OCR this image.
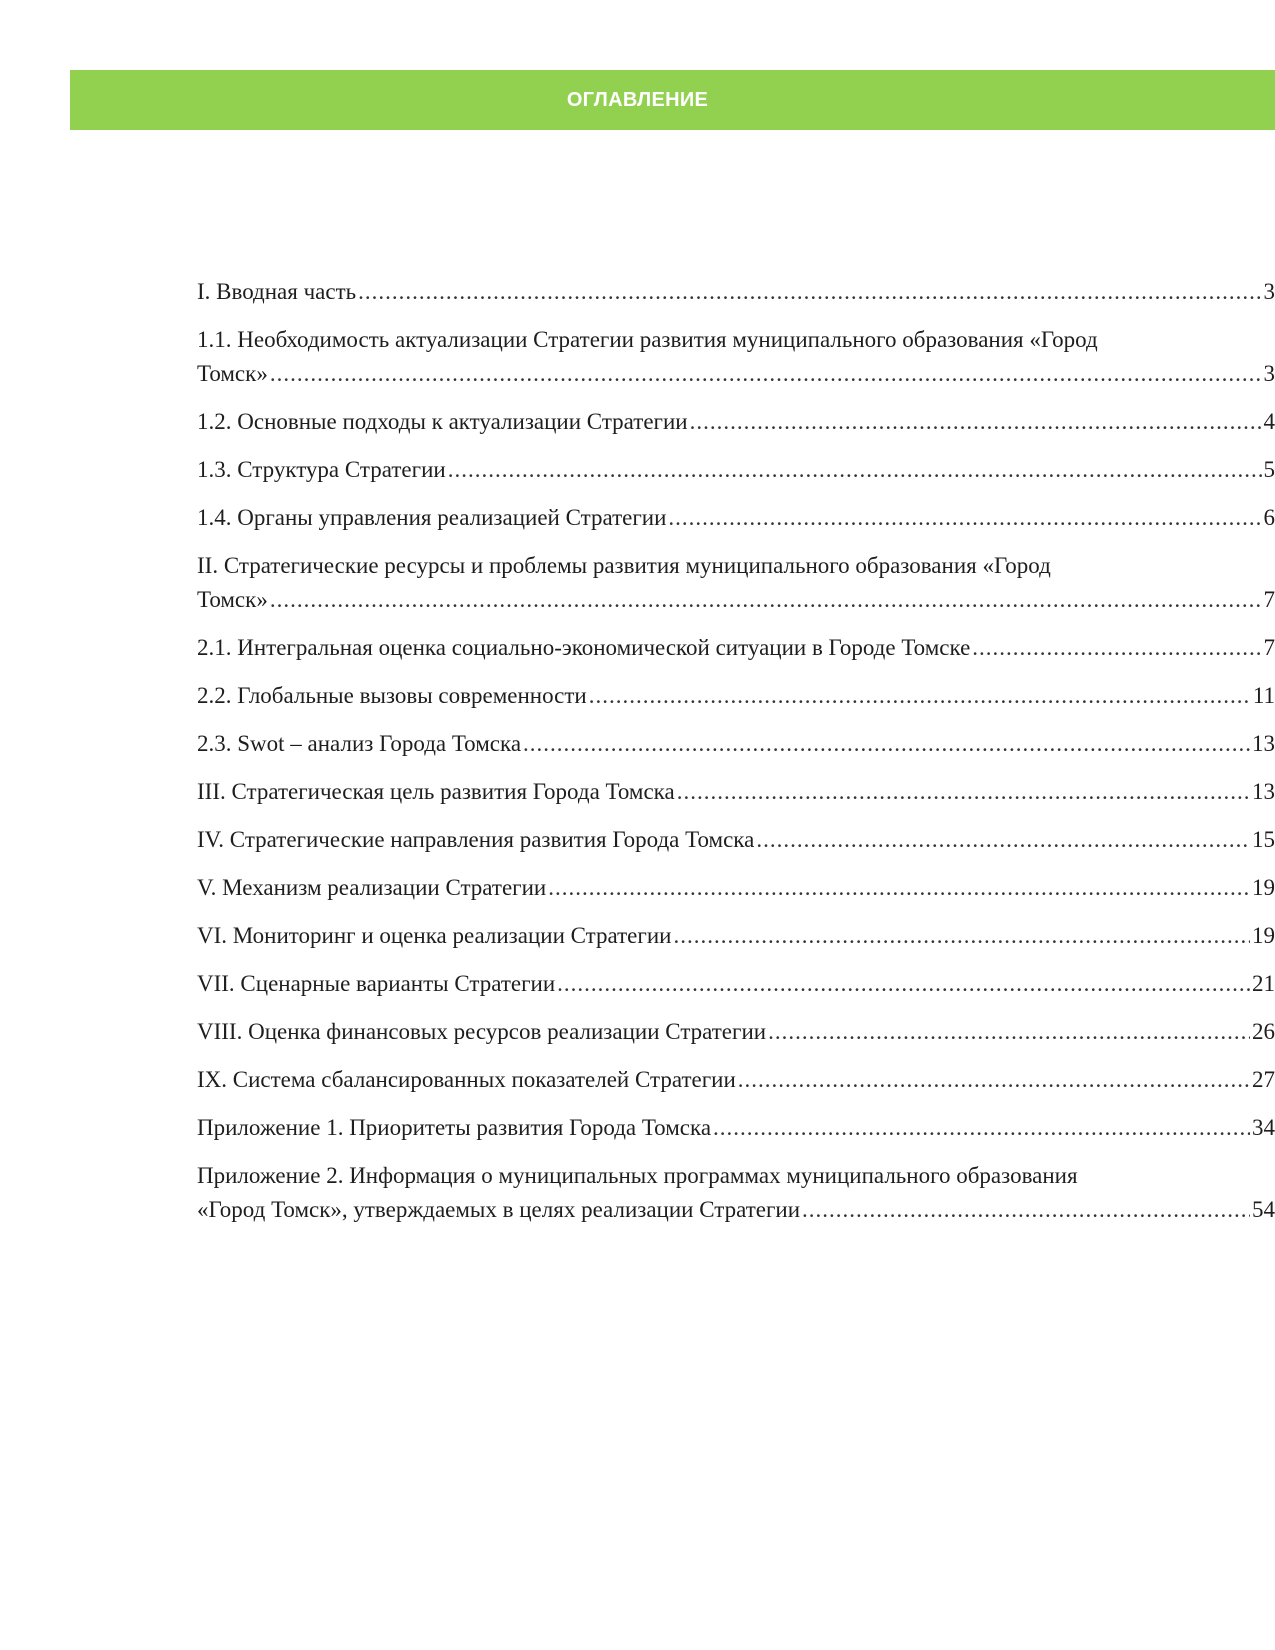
ОГЛАВЛЕНИЕ
I. Вводная часть .....	3
1.1. Необходимость актуализации Стратегии развития муниципального образования «Город
Томск» .....	3
1.2. Основные подходы к актуализации Стратегии .....	4
1.3. Структура Стратегии .....	5
1.4. Органы управления реализацией Стратегии .....	6
II. Стратегические ресурсы и проблемы развития муниципального образования «Город
Томск» .....	7
2.1. Интегральная оценка социально-экономической ситуации в Городе Томске .....	7
2.2. Глобальные вызовы современности .....	11
2.3. Swot – анализ Города Томска .....	13
III. Стратегическая цель развития Города Томска .....	13
IV. Стратегические направления развития Города Томска .....	15
V. Механизм реализации Стратегии .....	19
VI. Мониторинг и оценка реализации Стратегии .....	19
VII. Сценарные варианты Стратегии .....	21
VIII. Оценка финансовых ресурсов реализации Стратегии .....	26
IX. Система сбалансированных показателей Стратегии .....	27
Приложение 1. Приоритеты развития Города Томска .....	34
Приложение 2. Информация о муниципальных программах муниципального образования
«Город Томск», утверждаемых в целях реализации Стратегии .....	54
